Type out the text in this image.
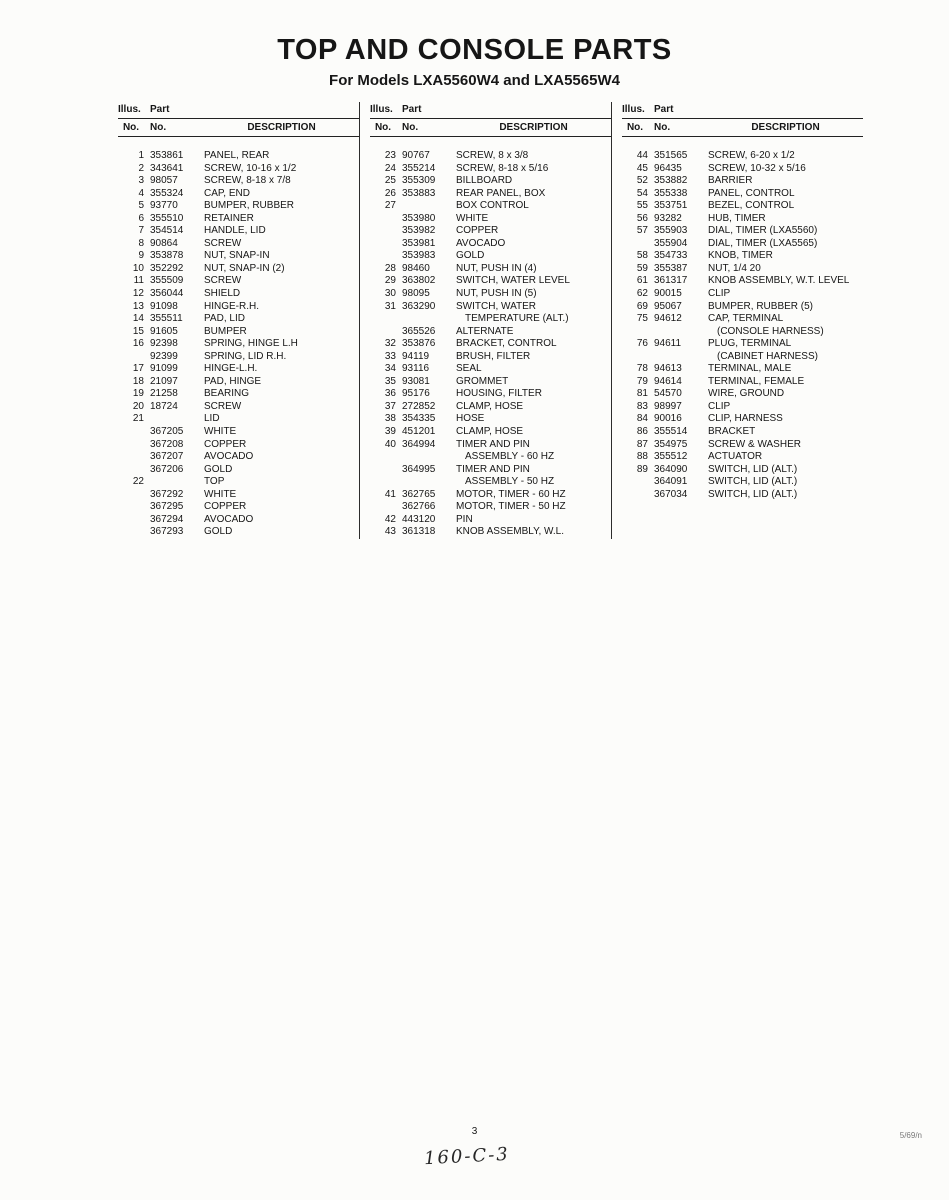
TOP AND CONSOLE PARTS
For Models LXA5560W4 and LXA5565W4
Illus. Part
No.	No.	DESCRIPTION
1 353861	PANEL, REAR
2 343641	SCREW, 10-16 x 1/2
3 98057	SCREW, 8-18 x 7/8
4 355324	CAP, END
5 93770	BUMPER, RUBBER
6 355510	RETAINER
7 354514	HANDLE, LID
8 90864	SCREW
9 353878	NUT, SNAP-IN
10 352292	NUT, SNAP-IN (2)
11 355509	SCREW
12 356044	SHIELD
13 91098	HINGE-R.H.
14 355511	PAD, LID
15 91605	BUMPER
16 92398	SPRING, HINGE L.H
92399	SPRING, LID R.H.
17 91099	HINGE-L.H.
18 21097	PAD, HINGE
19 21258	BEARING
20 18724	SCREW
21	LID
367205	WHITE
367208	COPPER
367207	AVOCADO
367206	GOLD
22	TOP
367292	WHITE
367295	COPPER
367294	AVOCADO
367293	GOLD
Illus. Part
No.	No.	DESCRIPTION
23 90767	SCREW, 8 x 3/8
24 355214	SCREW, 8-18 x 5/16
25 355309	BILLBOARD
26 353883	REAR PANEL, BOX
27	BOX CONTROL
353980	WHITE
353982	COPPER
353981	AVOCADO
353983	GOLD
28 98460	NUT, PUSH IN (4)
29 363802	SWITCH, WATER LEVEL
30 98095	NUT, PUSH IN (5)
31 363290	SWITCH, WATER
TEMPERATURE (ALT.)
365526	ALTERNATE
32 353876	BRACKET, CONTROL
33 94119	BRUSH, FILTER
34 93116	SEAL
35 93081	GROMMET
36 95176	HOUSING, FILTER
37 272852	CLAMP, HOSE
38 354335	HOSE
39 451201	CLAMP, HOSE
40 364994	TIMER AND PIN
ASSEMBLY - 60 HZ
364995	TIMER AND PIN
ASSEMBLY - 50 HZ
41 362765	MOTOR, TIMER - 60 HZ
362766	MOTOR, TIMER - 50 HZ
42 443120	PIN
43 361318	KNOB ASSEMBLY, W.L.
Illus. Part
No.	No.	DESCRIPTION
44 351565	SCREW, 6-20 x 1/2
45 96435	SCREW, 10-32 x 5/16
52 353882	BARRIER
54 355338	PANEL, CONTROL
55 353751	BEZEL, CONTROL
56 93282	HUB, TIMER
57 355903	DIAL, TIMER (LXA5560)
355904	DIAL, TIMER (LXA5565)
58 354733	KNOB, TIMER
59 355387	NUT, 1/4 20
61 361317	KNOB ASSEMBLY, W.T. LEVEL
62 90015	CLIP
69 95067	BUMPER, RUBBER (5)
75 94612	CAP, TERMINAL
(CONSOLE HARNESS)
76 94611	PLUG, TERMINAL
(CABINET HARNESS)
78 94613	TERMINAL, MALE
79 94614	TERMINAL, FEMALE
81 54570	WIRE, GROUND
83 98997	CLIP
84 90016	CLIP, HARNESS
86 355514	BRACKET
87 354975	SCREW & WASHER
88 355512	ACTUATOR
89 364090	SWITCH, LID (ALT.)
364091	SWITCH, LID (ALT.)
367034	SWITCH, LID (ALT.)
3	5/69/n
160-C-3
